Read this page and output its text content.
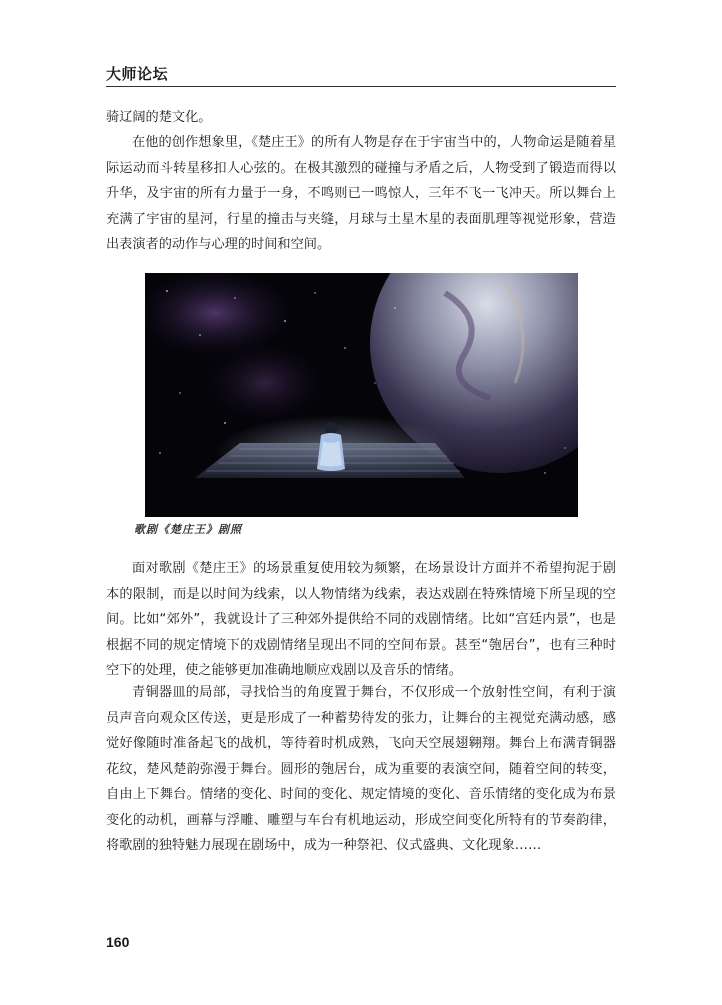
大师论坛

骑辽阔的楚文化。

在他的创作想象里，《楚庄王》的所有人物是存在于宇宙当中的，人物命运是随着星际运动而斗转星移扣人心弦的。在极其激烈的碰撞与矛盾之后，人物受到了锻造而得以升华，及宇宙的所有力量于一身，不鸣则已一鸣惊人，三年不飞一飞冲天。所以舞台上充满了宇宙的星河，行星的撞击与夹缝，月球与土星木星的表面肌理等视觉形象，营造出表演者的动作与心理的时间和空间。

歌剧《楚庄王》剧照

面对歌剧《楚庄王》的场景重复使用较为频繁，在场景设计方面并不希望拘泥于剧本的限制，而是以时间为线索，以人物情绪为线索，表达戏剧在特殊情境下所呈现的空间。比如“郊外”，我就设计了三种郊外提供给不同的戏剧情绪。比如“宫廷内景”，也是根据不同的规定情境下的戏剧情绪呈现出不同的空间布景。甚至“匏居台”，也有三种时空下的处理，使之能够更加准确地顺应戏剧以及音乐的情绪。

青铜器皿的局部，寻找恰当的角度置于舞台，不仅形成一个放射性空间，有利于演员声音向观众区传送，更是形成了一种蓄势待发的张力，让舞台的主视觉充满动感，感觉好像随时准备起飞的战机，等待着时机成熟，飞向天空展翅翱翔。舞台上布满青铜器花纹，楚风楚韵弥漫于舞台。圆形的匏居台，成为重要的表演空间，随着空间的转变，自由上下舞台。情绪的变化、时间的变化、规定情境的变化、音乐情绪的变化成为布景变化的动机，画幕与浮雕、雕塑与车台有机地运动，形成空间变化所特有的节奏韵律，将歌剧的独特魅力展现在剧场中，成为一种祭祀、仪式盛典、文化现象……

160
